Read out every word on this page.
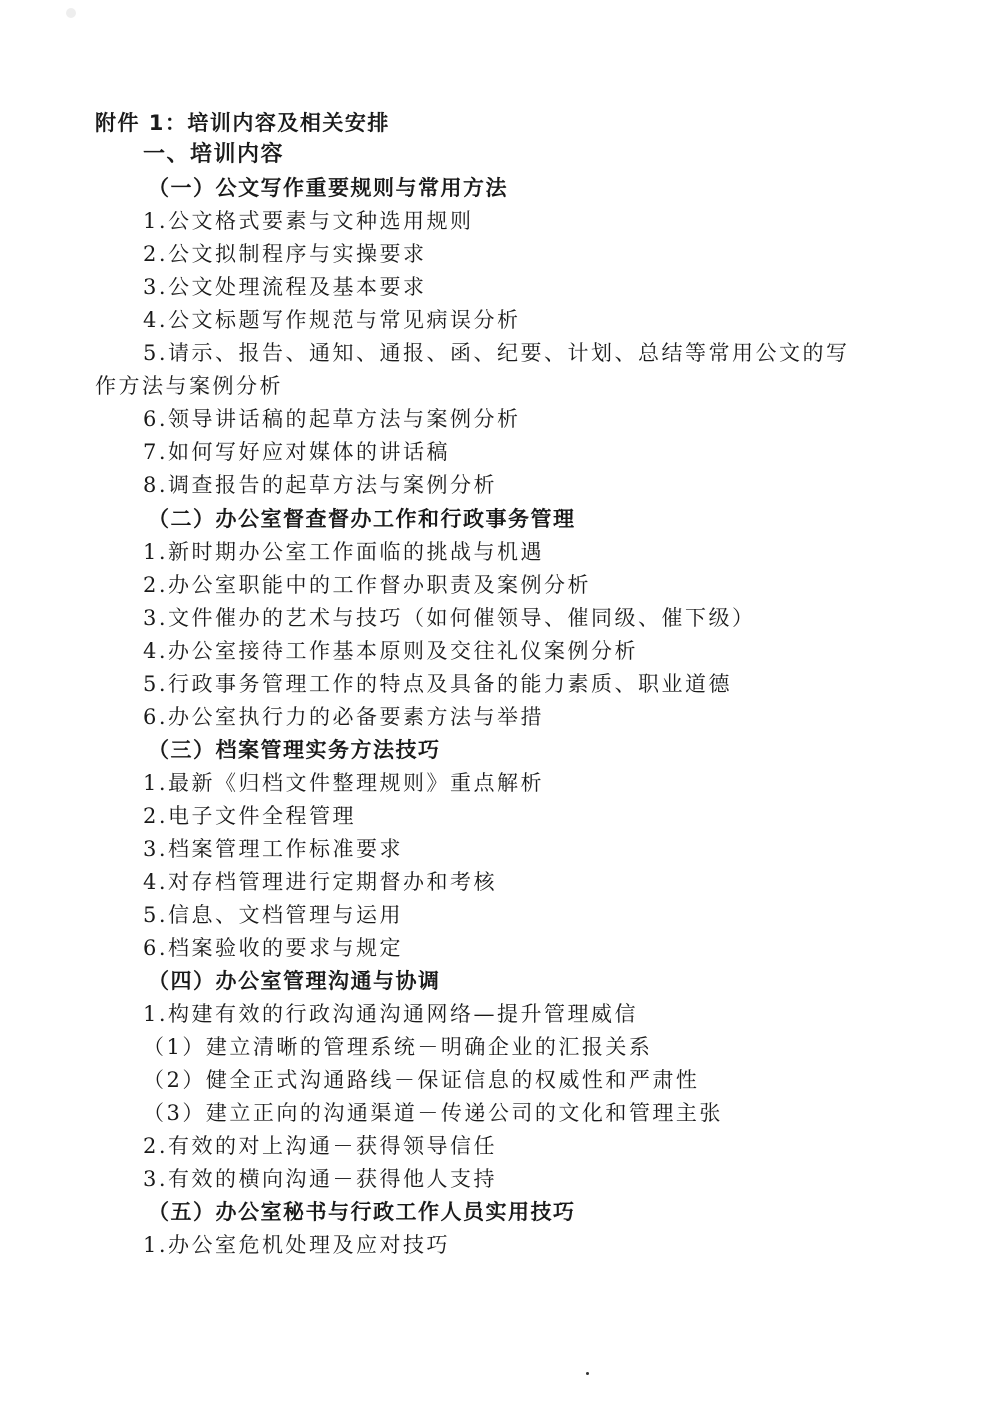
附件 1：培训内容及相关安排
一、培训内容
（一）公文写作重要规则与常用方法
1.公文格式要素与文种选用规则
2.公文拟制程序与实操要求
3.公文处理流程及基本要求
4.公文标题写作规范与常见病误分析
5.请示、报告、通知、通报、函、纪要、计划、总结等常用公文的写
作方法与案例分析
6.领导讲话稿的起草方法与案例分析
7.如何写好应对媒体的讲话稿
8.调查报告的起草方法与案例分析
（二）办公室督查督办工作和行政事务管理
1.新时期办公室工作面临的挑战与机遇
2.办公室职能中的工作督办职责及案例分析
3.文件催办的艺术与技巧（如何催领导、催同级、催下级）
4.办公室接待工作基本原则及交往礼仪案例分析
5.行政事务管理工作的特点及具备的能力素质、职业道德
6.办公室执行力的必备要素方法与举措
（三）档案管理实务方法技巧
1.最新《归档文件整理规则》重点解析
2.电子文件全程管理
3.档案管理工作标准要求
4.对存档管理进行定期督办和考核
5.信息、文档管理与运用
6.档案验收的要求与规定
（四）办公室管理沟通与协调
1.构建有效的行政沟通沟通网络—提升管理威信
（1）建立清晰的管理系统－明确企业的汇报关系
（2）健全正式沟通路线－保证信息的权威性和严肃性
（3）建立正向的沟通渠道－传递公司的文化和管理主张
2.有效的对上沟通－获得领导信任
3.有效的横向沟通－获得他人支持
（五）办公室秘书与行政工作人员实用技巧
1.办公室危机处理及应对技巧
